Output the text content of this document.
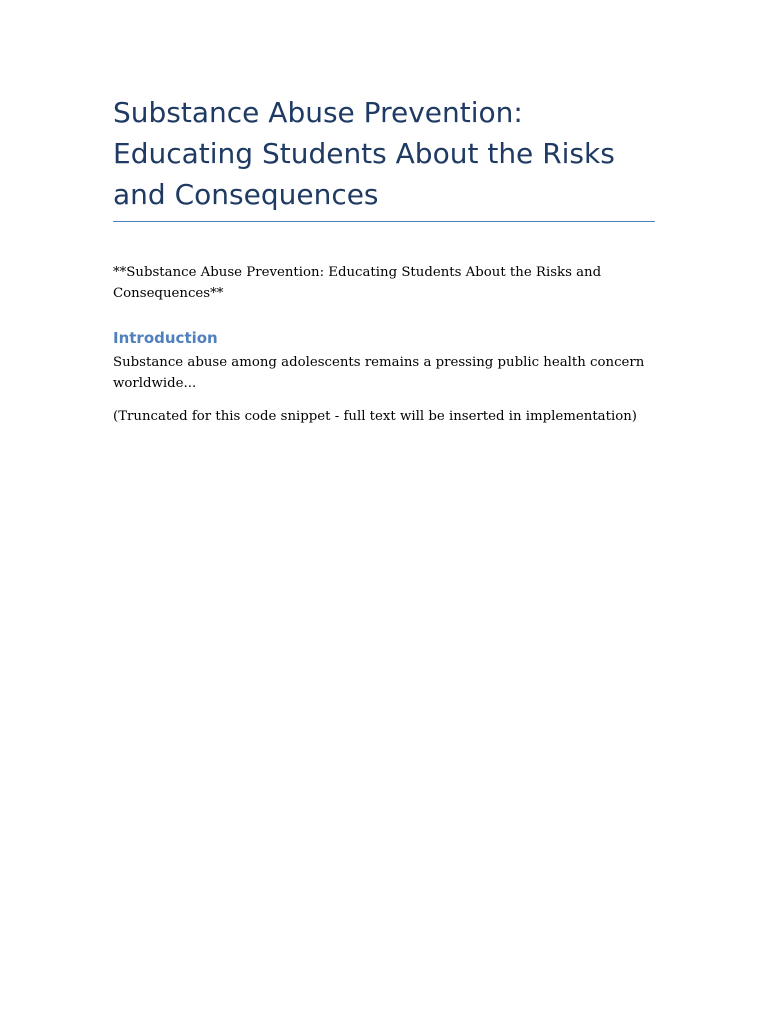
Substance Abuse Prevention: Educating Students About the Risks and Consequences

**Substance Abuse Prevention: Educating Students About the Risks and Consequences**

Introduction

Substance abuse among adolescents remains a pressing public health concern worldwide...

(Truncated for this code snippet - full text will be inserted in implementation)
